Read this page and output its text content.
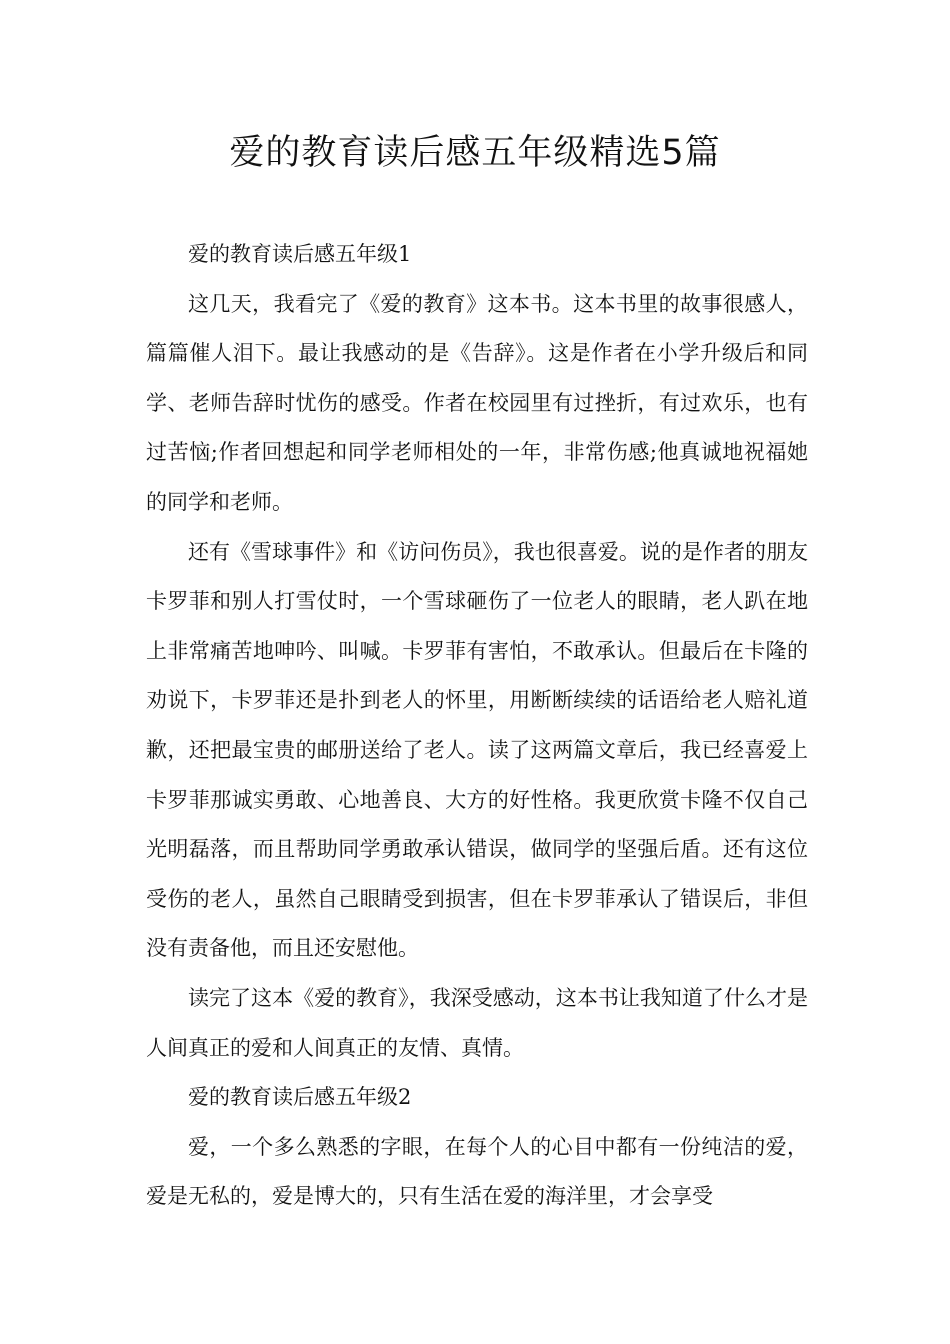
爱的教育读后感五年级精选5篇

爱的教育读后感五年级1

这几天，我看完了《爱的教育》这本书。这本书里的故事很感人，篇篇催人泪下。最让我感动的是《告辞》。这是作者在小学升级后和同学、老师告辞时忧伤的感受。作者在校园里有过挫折，有过欢乐，也有过苦恼;作者回想起和同学老师相处的一年，非常伤感;他真诚地祝福她的同学和老师。

还有《雪球事件》和《访问伤员》，我也很喜爱。说的是作者的朋友卡罗菲和别人打雪仗时，一个雪球砸伤了一位老人的眼睛，老人趴在地上非常痛苦地呻吟、叫喊。卡罗菲有害怕，不敢承认。但最后在卡隆的劝说下，卡罗菲还是扑到老人的怀里，用断断续续的话语给老人赔礼道歉，还把最宝贵的邮册送给了老人。读了这两篇文章后，我已经喜爱上卡罗菲那诚实勇敢、心地善良、大方的好性格。我更欣赏卡隆不仅自己光明磊落，而且帮助同学勇敢承认错误，做同学的坚强后盾。还有这位受伤的老人，虽然自己眼睛受到损害，但在卡罗菲承认了错误后，非但没有责备他，而且还安慰他。

读完了这本《爱的教育》，我深受感动，这本书让我知道了什么才是人间真正的爱和人间真正的友情、真情。

爱的教育读后感五年级2

爱，一个多么熟悉的字眼，在每个人的心目中都有一份纯洁的爱，爱是无私的，爱是博大的，只有生活在爱的海洋里，才会享受
